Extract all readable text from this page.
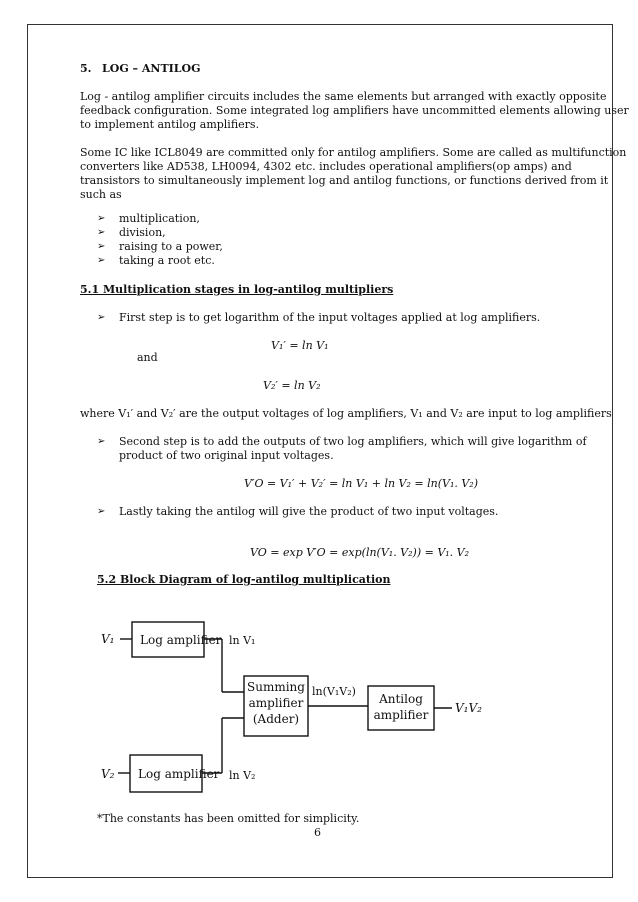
5. LOG – ANTILOG
Log - antilog amplifier circuits includes the same elements but arranged with exactly opposite
feedback configuration. Some integrated log amplifiers have uncommitted elements allowing user
to implement antilog amplifiers.
Some IC like ICL8049 are committed only for antilog amplifiers. Some are called as multifunction
converters like AD538, LH0094, 4302 etc. includes operational amplifiers(op amps) and
transistors to simultaneously implement log and antilog functions, or functions derived from it
such as
➢ multiplication,
➢ division,
➢ raising to a power,
➢ taking a root etc.
5.1 Multiplication stages in log-antilog multipliers
➢ First step is to get logarithm of the input voltages applied at log amplifiers.
V₁′ = ln V₁
and
V₂′ = ln V₂
where V₁′ and V₂′ are the output voltages of log amplifiers, V₁ and V₂ are input to log amplifiers
➢ Second step is to add the outputs of two log amplifiers, which will give logarithm of
product of two original input voltages.
V′O = V₁′ + V₂′ = ln V₁ + ln V₂ = ln(V₁. V₂)
➢ Lastly taking the antilog will give the product of two input voltages.
VO = exp V′O = exp(ln(V₁. V₂)) = V₁. V₂
5.2 Block Diagram of log-antilog multiplication
V₁ Log amplifier ln V₁
V₂ Log amplifier ln V₂
Summing
amplifier
(Adder)
ln(V₁V₂)
Antilog
amplifier V₁V₂
*The constants has been omitted for simplicity.
6
